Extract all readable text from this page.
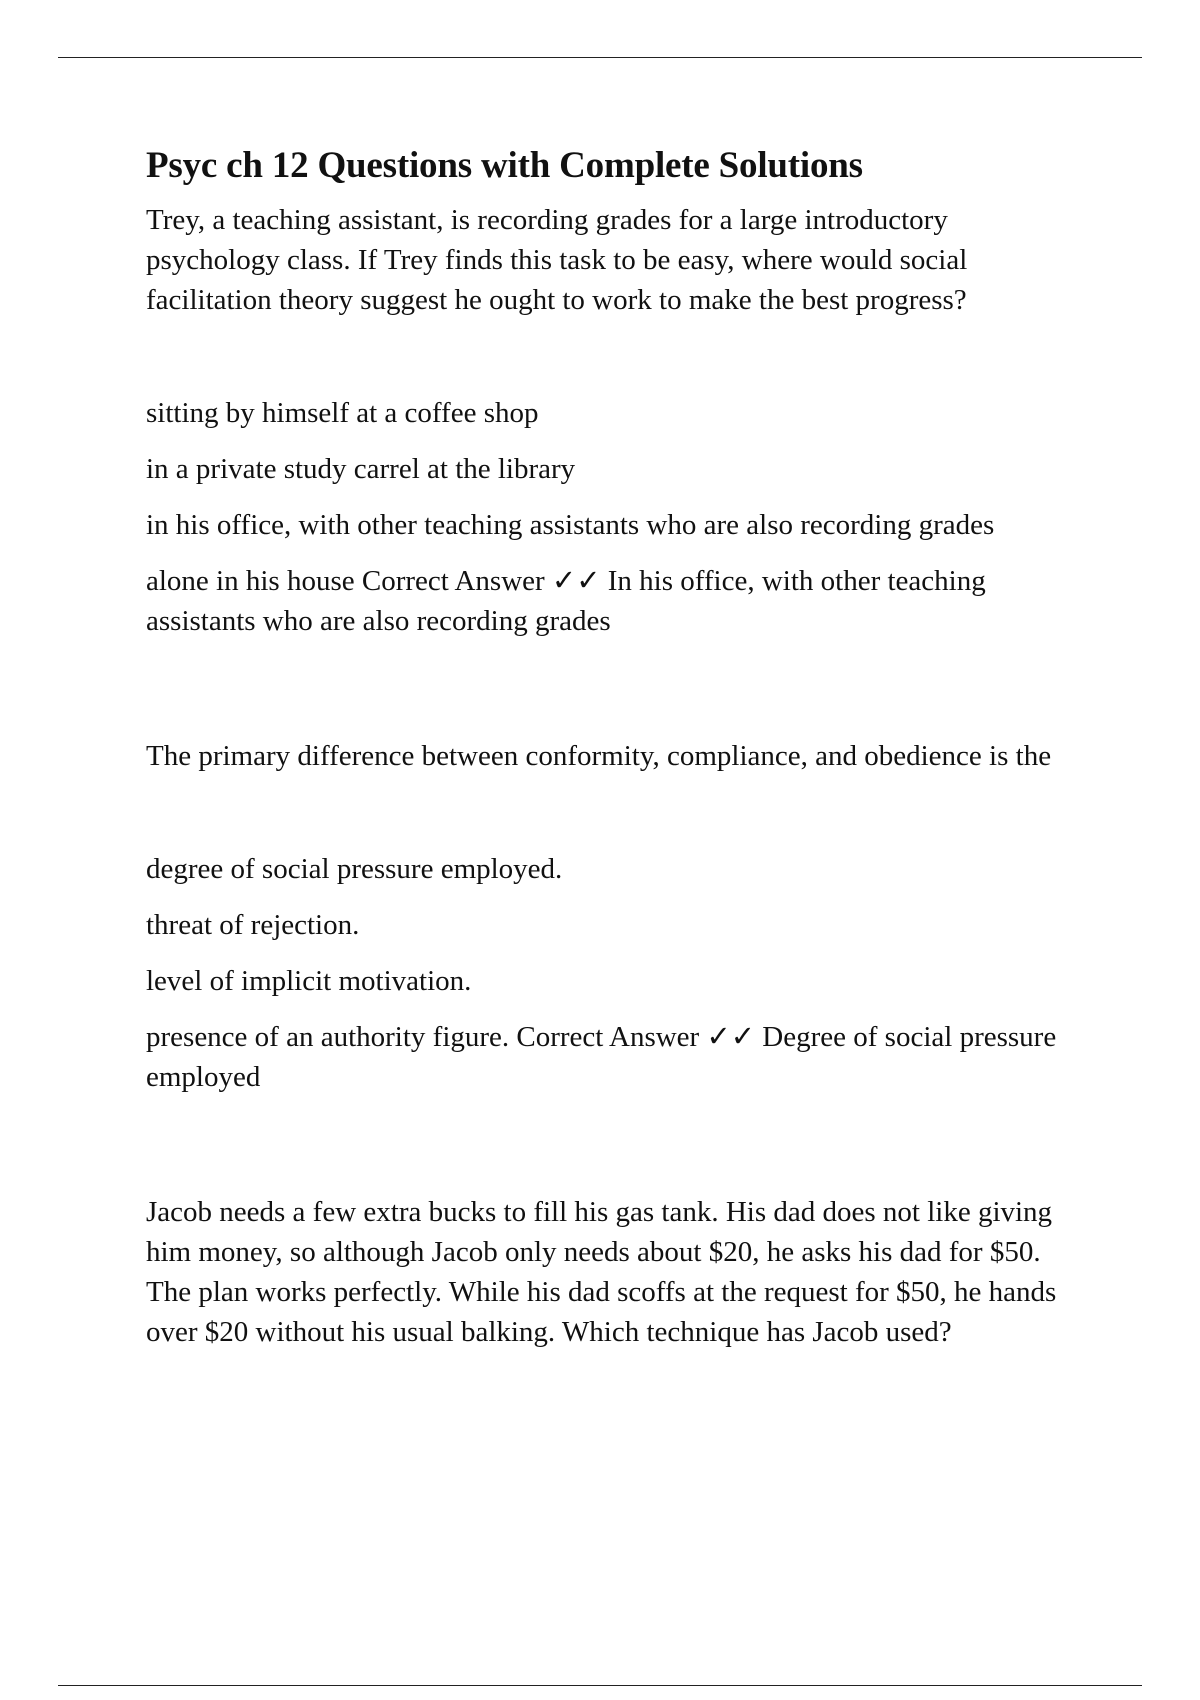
Psyc ch 12 Questions with Complete Solutions

Trey, a teaching assistant, is recording grades for a large introductory psychology class. If Trey finds this task to be easy, where would social facilitation theory suggest he ought to work to make the best progress?

sitting by himself at a coffee shop

in a private study carrel at the library

in his office, with other teaching assistants who are also recording grades

alone in his house Correct Answer ✓✓ In his office, with other teaching assistants who are also recording grades

The primary difference between conformity, compliance, and obedience is the

degree of social pressure employed.

threat of rejection.

level of implicit motivation.

presence of an authority figure. Correct Answer ✓✓ Degree of social pressure employed

Jacob needs a few extra bucks to fill his gas tank. His dad does not like giving him money, so although Jacob only needs about $20, he asks his dad for $50. The plan works perfectly. While his dad scoffs at the request for $50, he hands over $20 without his usual balking. Which technique has Jacob used?
